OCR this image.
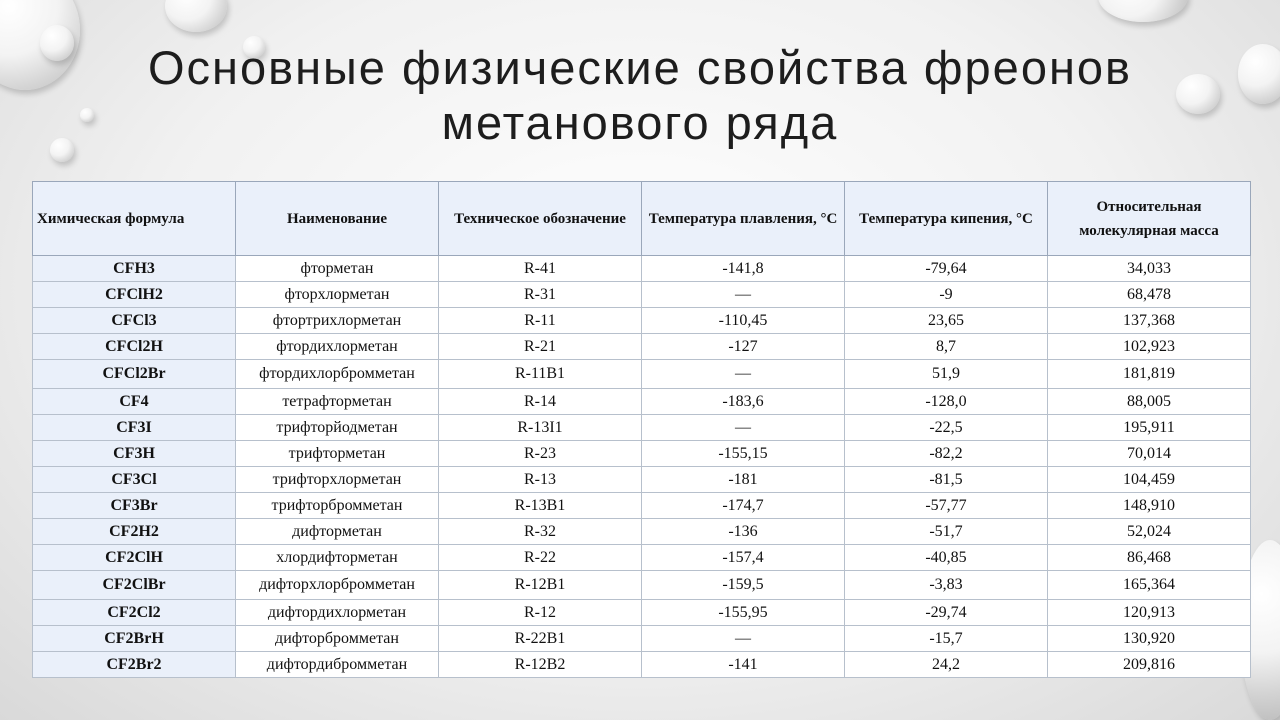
Основные физические свойства фреонов
метанового ряда
Химическая формула	Наименование	Техническое обозначение	Температура плавления, °С	Температура кипения, °С	Относительная молекулярная масса
CFH3	фторметан	R-41	-141,8	-79,64	34,033
CFClH2	фторхлорметан	R-31	—	-9	68,478
CFCl3	фтортрихлорметан	R-11	-110,45	23,65	137,368
CFCl2H	фтордихлорметан	R-21	-127	8,7	102,923
CFCl2Br	фтордихлорбромметан	R-11B1	—	51,9	181,819
CF4	тетрафторметан	R-14	-183,6	-128,0	88,005
CF3I	трифторйодметан	R-13I1	—	-22,5	195,911
CF3H	трифторметан	R-23	-155,15	-82,2	70,014
CF3Cl	трифторхлорметан	R-13	-181	-81,5	104,459
CF3Br	трифторбромметан	R-13B1	-174,7	-57,77	148,910
CF2H2	дифторметан	R-32	-136	-51,7	52,024
CF2ClH	хлордифторметан	R-22	-157,4	-40,85	86,468
CF2ClBr	дифторхлорбромметан	R-12B1	-159,5	-3,83	165,364
CF2Cl2	дифтордихлорметан	R-12	-155,95	-29,74	120,913
CF2BrH	дифторбромметан	R-22B1	—	-15,7	130,920
CF2Br2	дифтордибромметан	R-12B2	-141	24,2	209,816
